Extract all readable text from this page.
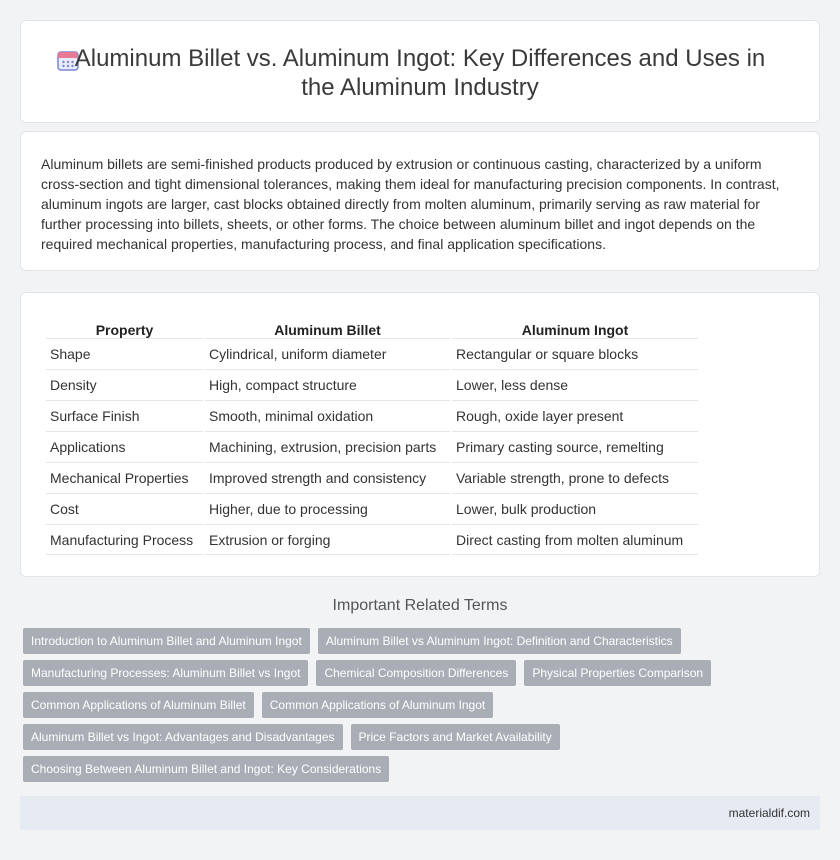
Aluminum Billet vs. Aluminum Ingot: Key Differences and Uses in the Aluminum Industry

Aluminum billets are semi-finished products produced by extrusion or continuous casting, characterized by a uniform cross-section and tight dimensional tolerances, making them ideal for manufacturing precision components. In contrast, aluminum ingots are larger, cast blocks obtained directly from molten aluminum, primarily serving as raw material for further processing into billets, sheets, or other forms. The choice between aluminum billet and ingot depends on the required mechanical properties, manufacturing process, and final application specifications.

Property	Aluminum Billet	Aluminum Ingot
Shape	Cylindrical, uniform diameter	Rectangular or square blocks
Density	High, compact structure	Lower, less dense
Surface Finish	Smooth, minimal oxidation	Rough, oxide layer present
Applications	Machining, extrusion, precision parts	Primary casting source, remelting
Mechanical Properties	Improved strength and consistency	Variable strength, prone to defects
Cost	Higher, due to processing	Lower, bulk production
Manufacturing Process	Extrusion or forging	Direct casting from molten aluminum
Important Related Terms
Introduction to Aluminum Billet and Aluminum Ingot	Aluminum Billet vs Aluminum Ingot: Definition and Characteristics
Manufacturing Processes: Aluminum Billet vs Ingot	Chemical Composition Differences	Physical Properties Comparison
Common Applications of Aluminum Billet	Common Applications of Aluminum Ingot
Aluminum Billet vs Ingot: Advantages and Disadvantages	Price Factors and Market Availability
Choosing Between Aluminum Billet and Ingot: Key Considerations
materialdif.com
